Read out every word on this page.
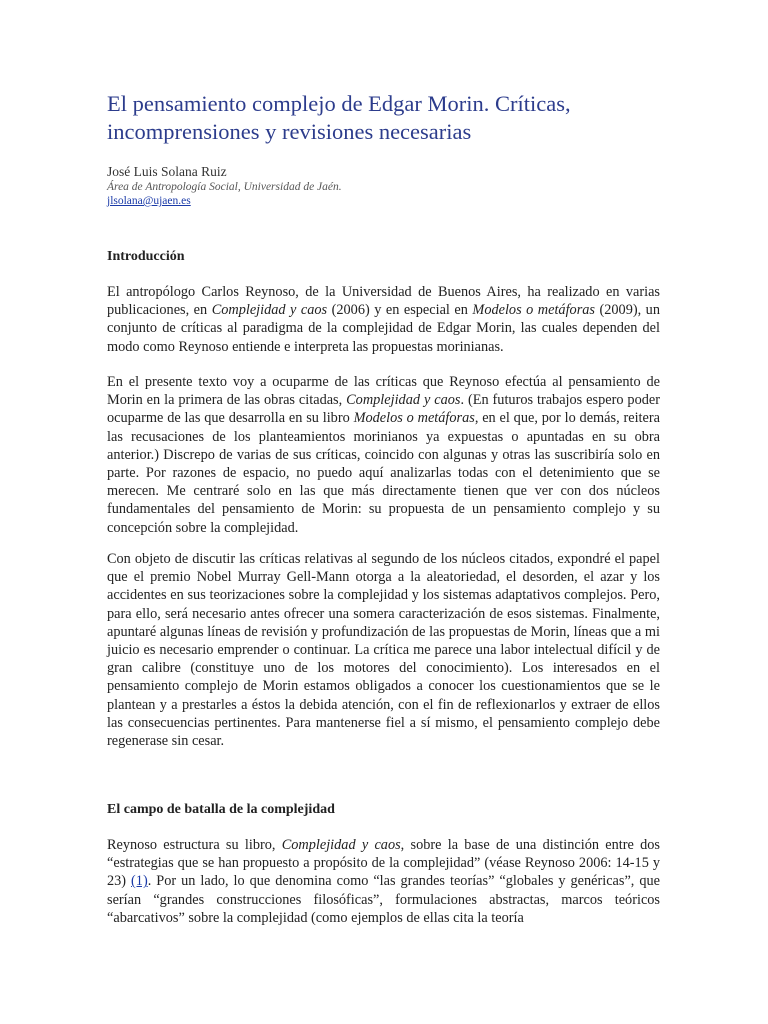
El pensamiento complejo de Edgar Morin. Críticas, incomprensiones y revisiones necesarias
José Luis Solana Ruiz
Área de Antropología Social, Universidad de Jaén.
jlsolana@ujaen.es
Introducción

El antropólogo Carlos Reynoso, de la Universidad de Buenos Aires, ha realizado en varias publicaciones, en Complejidad y caos (2006) y en especial en Modelos o metáforas (2009), un conjunto de críticas al paradigma de la complejidad de Edgar Morin, las cuales dependen del modo como Reynoso entiende e interpreta las propuestas morinianas.

En el presente texto voy a ocuparme de las críticas que Reynoso efectúa al pensamiento de Morin en la primera de las obras citadas, Complejidad y caos. (En futuros trabajos espero poder ocuparme de las que desarrolla en su libro Modelos o metáforas, en el que, por lo demás, reitera las recusaciones de los planteamientos morinianos ya expuestas o apuntadas en su obra anterior.) Discrepo de varias de sus críticas, coincido con algunas y otras las suscribiría solo en parte. Por razones de espacio, no puedo aquí analizarlas todas con el detenimiento que se merecen. Me centraré solo en las que más directamente tienen que ver con dos núcleos fundamentales del pensamiento de Morin: su propuesta de un pensamiento complejo y su concepción sobre la complejidad.

Con objeto de discutir las críticas relativas al segundo de los núcleos citados, expondré el papel que el premio Nobel Murray Gell-Mann otorga a la aleatoriedad, el desorden, el azar y los accidentes en sus teorizaciones sobre la complejidad y los sistemas adaptativos complejos. Pero, para ello, será necesario antes ofrecer una somera caracterización de esos sistemas. Finalmente, apuntaré algunas líneas de revisión y profundización de las propuestas de Morin, líneas que a mi juicio es necesario emprender o continuar. La crítica me parece una labor intelectual difícil y de gran calibre (constituye uno de los motores del conocimiento). Los interesados en el pensamiento complejo de Morin estamos obligados a conocer los cuestionamientos que se le plantean y a prestarles a éstos la debida atención, con el fin de reflexionarlos y extraer de ellos las consecuencias pertinentes. Para mantenerse fiel a sí mismo, el pensamiento complejo debe regenerase sin cesar.

El campo de batalla de la complejidad

Reynoso estructura su libro, Complejidad y caos, sobre la base de una distinción entre dos “estrategias que se han propuesto a propósito de la complejidad” (véase Reynoso 2006: 14-15 y 23) (1). Por un lado, lo que denomina como “las grandes teorías” “globales y genéricas”, que serían “grandes construcciones filosóficas”, formulaciones abstractas, marcos teóricos “abarcativos” sobre la complejidad (como ejemplos de ellas cita la teoría
